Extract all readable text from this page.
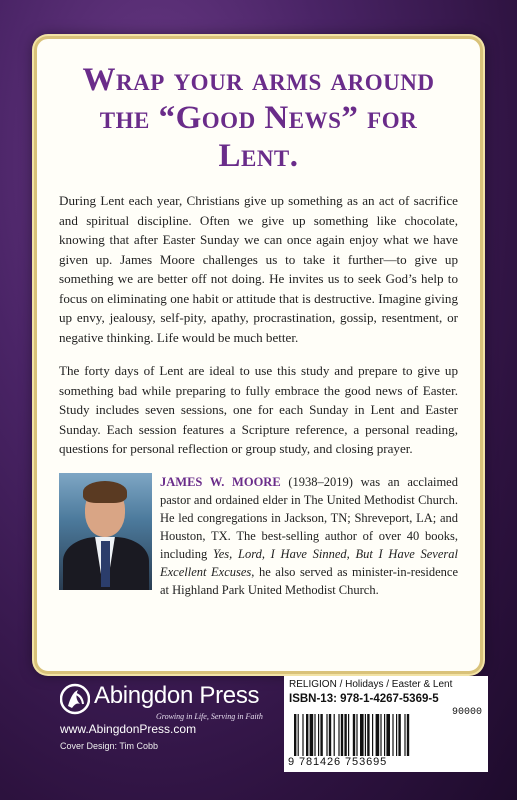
Wrap your arms around
the “Good News” for Lent.

During Lent each year, Christians give up something as an act of sacrifice and spiritual discipline. Often we give up something like chocolate, knowing that after Easter Sunday we can once again enjoy what we have given up. James Moore challenges us to take it further—to give up something we are better off not doing. He invites us to seek God’s help to focus on eliminating one habit or attitude that is destructive. Imagine giving up envy, jealousy, self-pity, apathy, procrastination, gossip, resentment, or negative thinking. Life would be much better.

The forty days of Lent are ideal to use this study and prepare to give up something bad while preparing to fully embrace the good news of Easter. Study includes seven sessions, one for each Sunday in Lent and Easter Sunday. Each session features a Scripture reference, a personal reading, questions for personal reflection or group study, and closing prayer.

JAMES W. MOORE (1938–2019) was an acclaimed pastor and ordained elder in The United Methodist Church. He led congregations in Jackson, TN; Shreveport, LA; and Houston, TX. The best-selling author of over 40 books, including Yes, Lord, I Have Sinned, But I Have Several Excellent Excuses, he also served as minister-in-residence at Highland Park United Methodist Church.
Abingdon Press
Growing in Life, Serving in Faith
www.AbingdonPress.com
Cover Design: Tim Cobb
RELIGION / Holidays / Easter & Lent
ISBN-13: 978-1-4267-5369-5
90000
9 781426 753695
